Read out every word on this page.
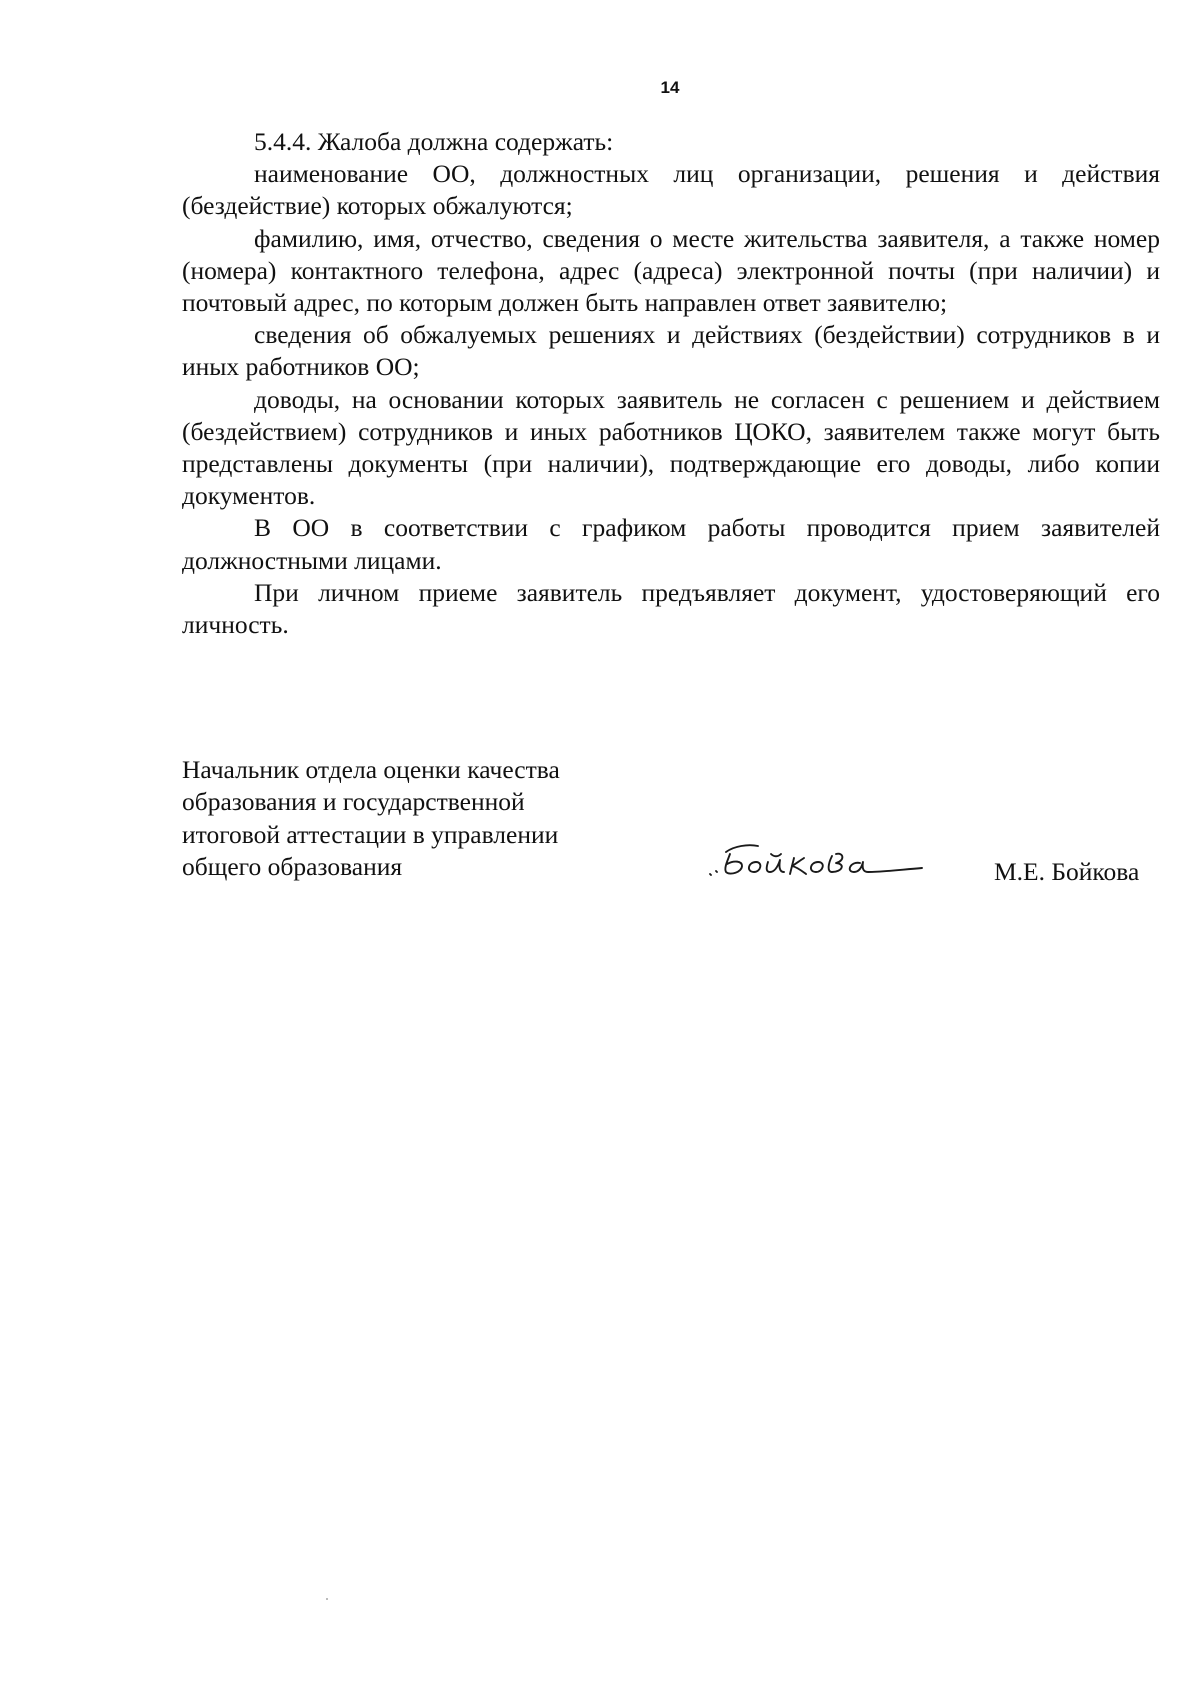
14

5.4.4. Жалоба должна содержать:

наименование ОО, должностных лиц организации, решения и действия (бездействие) которых обжалуются;

фамилию, имя, отчество, сведения о месте жительства заявителя, а также номер (номера) контактного телефона, адрес (адреса) электронной почты (при наличии) и почтовый адрес, по которым должен быть направлен ответ заявителю;

сведения об обжалуемых решениях и действиях (бездействии) сотрудников в и иных работников ОО;

доводы, на основании которых заявитель не согласен с решением и действием (бездействием) сотрудников и иных работников ЦОКО, заявителем также могут быть представлены документы (при наличии), подтверждающие его доводы, либо копии документов.

В ОО в соответствии с графиком работы проводится прием заявителей должностными лицами.

При личном приеме заявитель предъявляет документ, удостоверяющий его личность.

Начальник отдела оценки качества
образования и государственной
итоговой аттестации в управлении
общего образования	М.Е. Бойкова
